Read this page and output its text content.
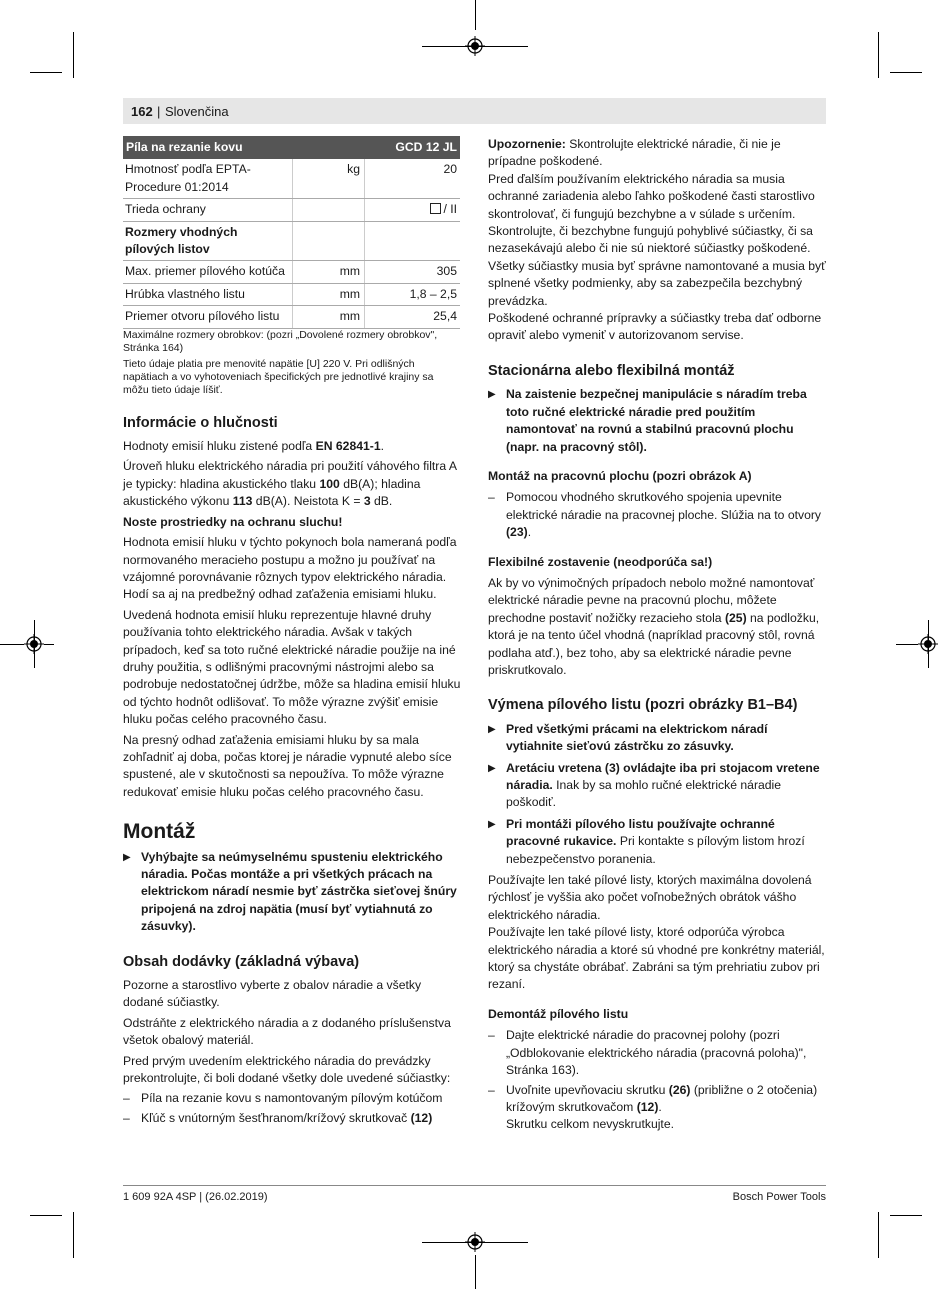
162 | Slovenčina
Píla na rezanie kovu		GCD 12 JL
Hmotnosť podľa EPTA-Procedure 01:2014	kg	20
Trieda ochrany		/ II
Rozmery vhodných pílových listov		
Max. priemer pílového kotúča	mm	305
Hrúbka vlastného listu	mm	1,8 – 2,5
Priemer otvoru pílového listu	mm	25,4

Maximálne rozmery obrobkov: (pozri „Dovolené rozmery obrobkov", Stránka 164)

Tieto údaje platia pre menovité napätie [U] 220 V. Pri odlišných napätiach a vo vyhotoveniach špecifických pre jednotlivé krajiny sa môžu tieto údaje líšiť.

Informácie o hlučnosti

Hodnoty emisií hluku zistené podľa EN 62841-1.

Úroveň hluku elektrického náradia pri použití váhového filtra A je typicky: hladina akustického tlaku 100 dB(A); hladina akustického výkonu 113 dB(A). Neistota K = 3 dB.

Noste prostriedky na ochranu sluchu!

Hodnota emisií hluku v týchto pokynoch bola nameraná podľa normovaného meracieho postupu a možno ju používať na vzájomné porovnávanie rôznych typov elektrického náradia. Hodí sa aj na predbežný odhad zaťaženia emisiami hluku.

Uvedená hodnota emisií hluku reprezentuje hlavné druhy používania tohto elektrického náradia. Avšak v takých prípadoch, keď sa toto ručné elektrické náradie použije na iné druhy použitia, s odlišnými pracovnými nástrojmi alebo sa podrobuje nedostatočnej údržbe, môže sa hladina emisií hluku od týchto hodnôt odlišovať. To môže výrazne zvýšiť emisie hluku počas celého pracovného času.

Na presný odhad zaťaženia emisiami hluku by sa mala zohľadniť aj doba, počas ktorej je náradie vypnuté alebo síce spustené, ale v skutočnosti sa nepoužíva. To môže výrazne redukovať emisie hluku počas celého pracovného času.

Montáž
▶ Vyhýbajte sa neúmyselnému spusteniu elektrického náradia. Počas montáže a pri všetkých prácach na elektrickom náradí nesmie byť zástrčka sieťovej šnúry pripojená na zdroj napätia (musí byť vytiahnutá zo zásuvky).
Obsah dodávky (základná výbava)

Pozorne a starostlivo vyberte z obalov náradie a všetky dodané súčiastky.

Odstráňte z elektrického náradia a z dodaného príslušenstva všetok obalový materiál.

Pred prvým uvedením elektrického náradia do prevádzky prekontrolujte, či boli dodané všetky dole uvedené súčiastky:

– Píla na rezanie kovu s namontovaným pílovým kotúčom
– Kľúč s vnútorným šesťhranom/krížový skrutkovač (12)

Upozornenie: Skontrolujte elektrické náradie, či nie je prípadne poškodené.

Pred ďalším používaním elektrického náradia sa musia ochranné zariadenia alebo ľahko poškodené časti starostlivo skontrolovať, či fungujú bezchybne a v súlade s určením. Skontrolujte, či bezchybne fungujú pohyblivé súčiastky, či sa nezasekávajú alebo či nie sú niektoré súčiastky poškodené. Všetky súčiastky musia byť správne namontované a musia byť splnené všetky podmienky, aby sa zabezpečila bezchybný prevádzka.

Poškodené ochranné prípravky a súčiastky treba dať odborne opraviť alebo vymeniť v autorizovanom servise.

Stacionárna alebo flexibilná montáž
▶ Na zaistenie bezpečnej manipulácie s náradím treba toto ručné elektrické náradie pred použitím namontovať na rovnú a stabilnú pracovnú plochu (napr. na pracovný stôl).
Montáž na pracovnú plochu (pozri obrázok A)
– Pomocou vhodného skrutkového spojenia upevnite elektrické náradie na pracovnej ploche. Slúžia na to otvory (23).
Flexibilné zostavenie (neodporúča sa!)

Ak by vo výnimočných prípadoch nebolo možné namontovať elektrické náradie pevne na pracovnú plochu, môžete prechodne postaviť nožičky rezacieho stola (25) na podložku, ktorá je na tento účel vhodná (napríklad pracovný stôl, rovná podlaha atď.), bez toho, aby sa elektrické náradie pevne priskrutkovalo.

Výmena pílového listu (pozri obrázky B1–B4)
▶ Pred všetkými prácami na elektrickom náradí vytiahnite sieťovú zástrčku zo zásuvky.
▶ Aretáciu vretena (3) ovládajte iba pri stojacom vretene náradia. Inak by sa mohlo ručné elektrické náradie poškodiť.
▶ Pri montáži pílového listu používajte ochranné pracovné rukavice. Pri kontakte s pílovým listom hrozí nebezpečenstvo poranenia.

Používajte len také pílové listy, ktorých maximálna dovolená rýchlosť je vyššia ako počet voľnobežných obrátok vášho elektrického náradia.

Používajte len také pílové listy, ktoré odporúča výrobca elektrického náradia a ktoré sú vhodné pre konkrétny materiál, ktorý sa chystáte obrábať. Zabráni sa tým prehriatiu zubov pri rezaní.

Demontáž pílového listu
– Dajte elektrické náradie do pracovnej polohy (pozri „Odblokovanie elektrického náradia (pracovná poloha)", Stránka 163).
– Uvoľnite upevňovaciu skrutku (26) (približne o 2 otočenia) krížovým skrutkovačom (12).
Skrutku celkom nevyskrutkujte.
1 609 92A 4SP | (26.02.2019)	Bosch Power Tools
